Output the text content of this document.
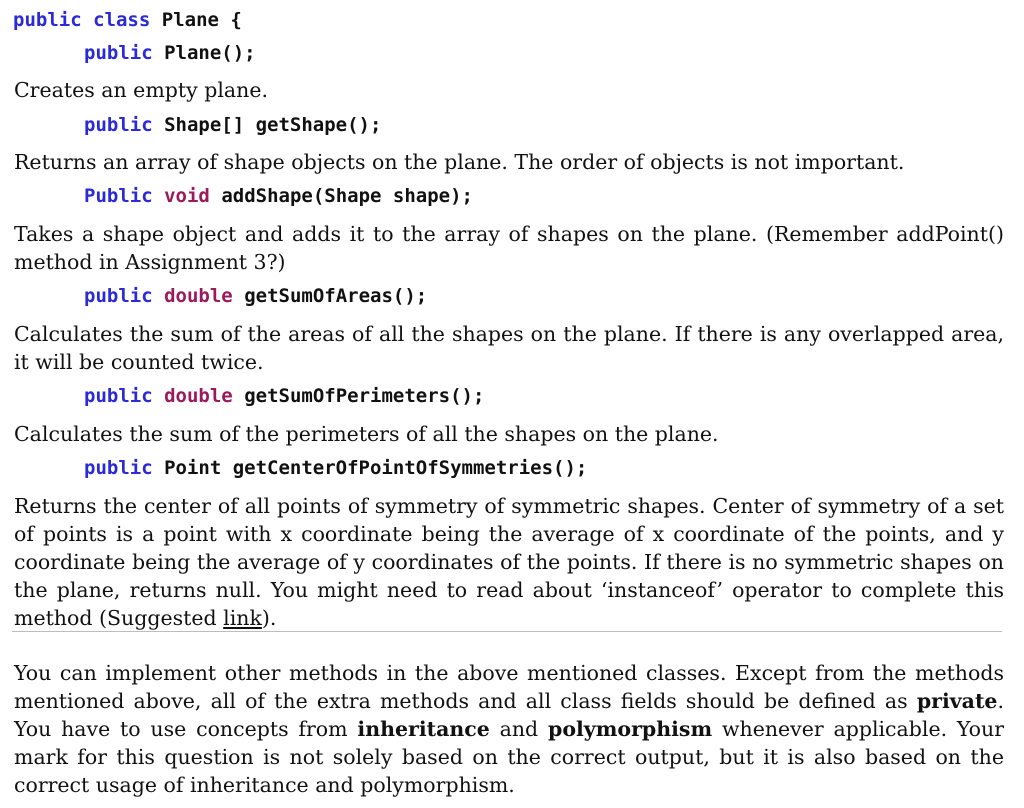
public class Plane {
public Plane();
Creates an empty plane.
public Shape[] getShape();
Returns an array of shape objects on the plane. The order of objects is not important.
Public void addShape(Shape shape);
Takes a shape object and adds it to the array of shapes on the plane. (Remember addPoint() method in Assignment 3?)
public double getSumOfAreas();
Calculates the sum of the areas of all the shapes on the plane. If there is any overlapped area, it will be counted twice.
public double getSumOfPerimeters();
Calculates the sum of the perimeters of all the shapes on the plane.
public Point getCenterOfPointOfSymmetries();
Returns the center of all points of symmetry of symmetric shapes. Center of symmetry of a set of points is a point with x coordinate being the average of x coordinate of the points, and y coordinate being the average of y coordinates of the points. If there is no symmetric shapes on the plane, returns null. You might need to read about ‘instanceof’ operator to complete this method (Suggested link).
You can implement other methods in the above mentioned classes. Except from the methods mentioned above, all of the extra methods and all class fields should be defined as private. You have to use concepts from inheritance and polymorphism whenever applicable. Your mark for this question is not solely based on the correct output, but it is also based on the correct usage of inheritance and polymorphism.
